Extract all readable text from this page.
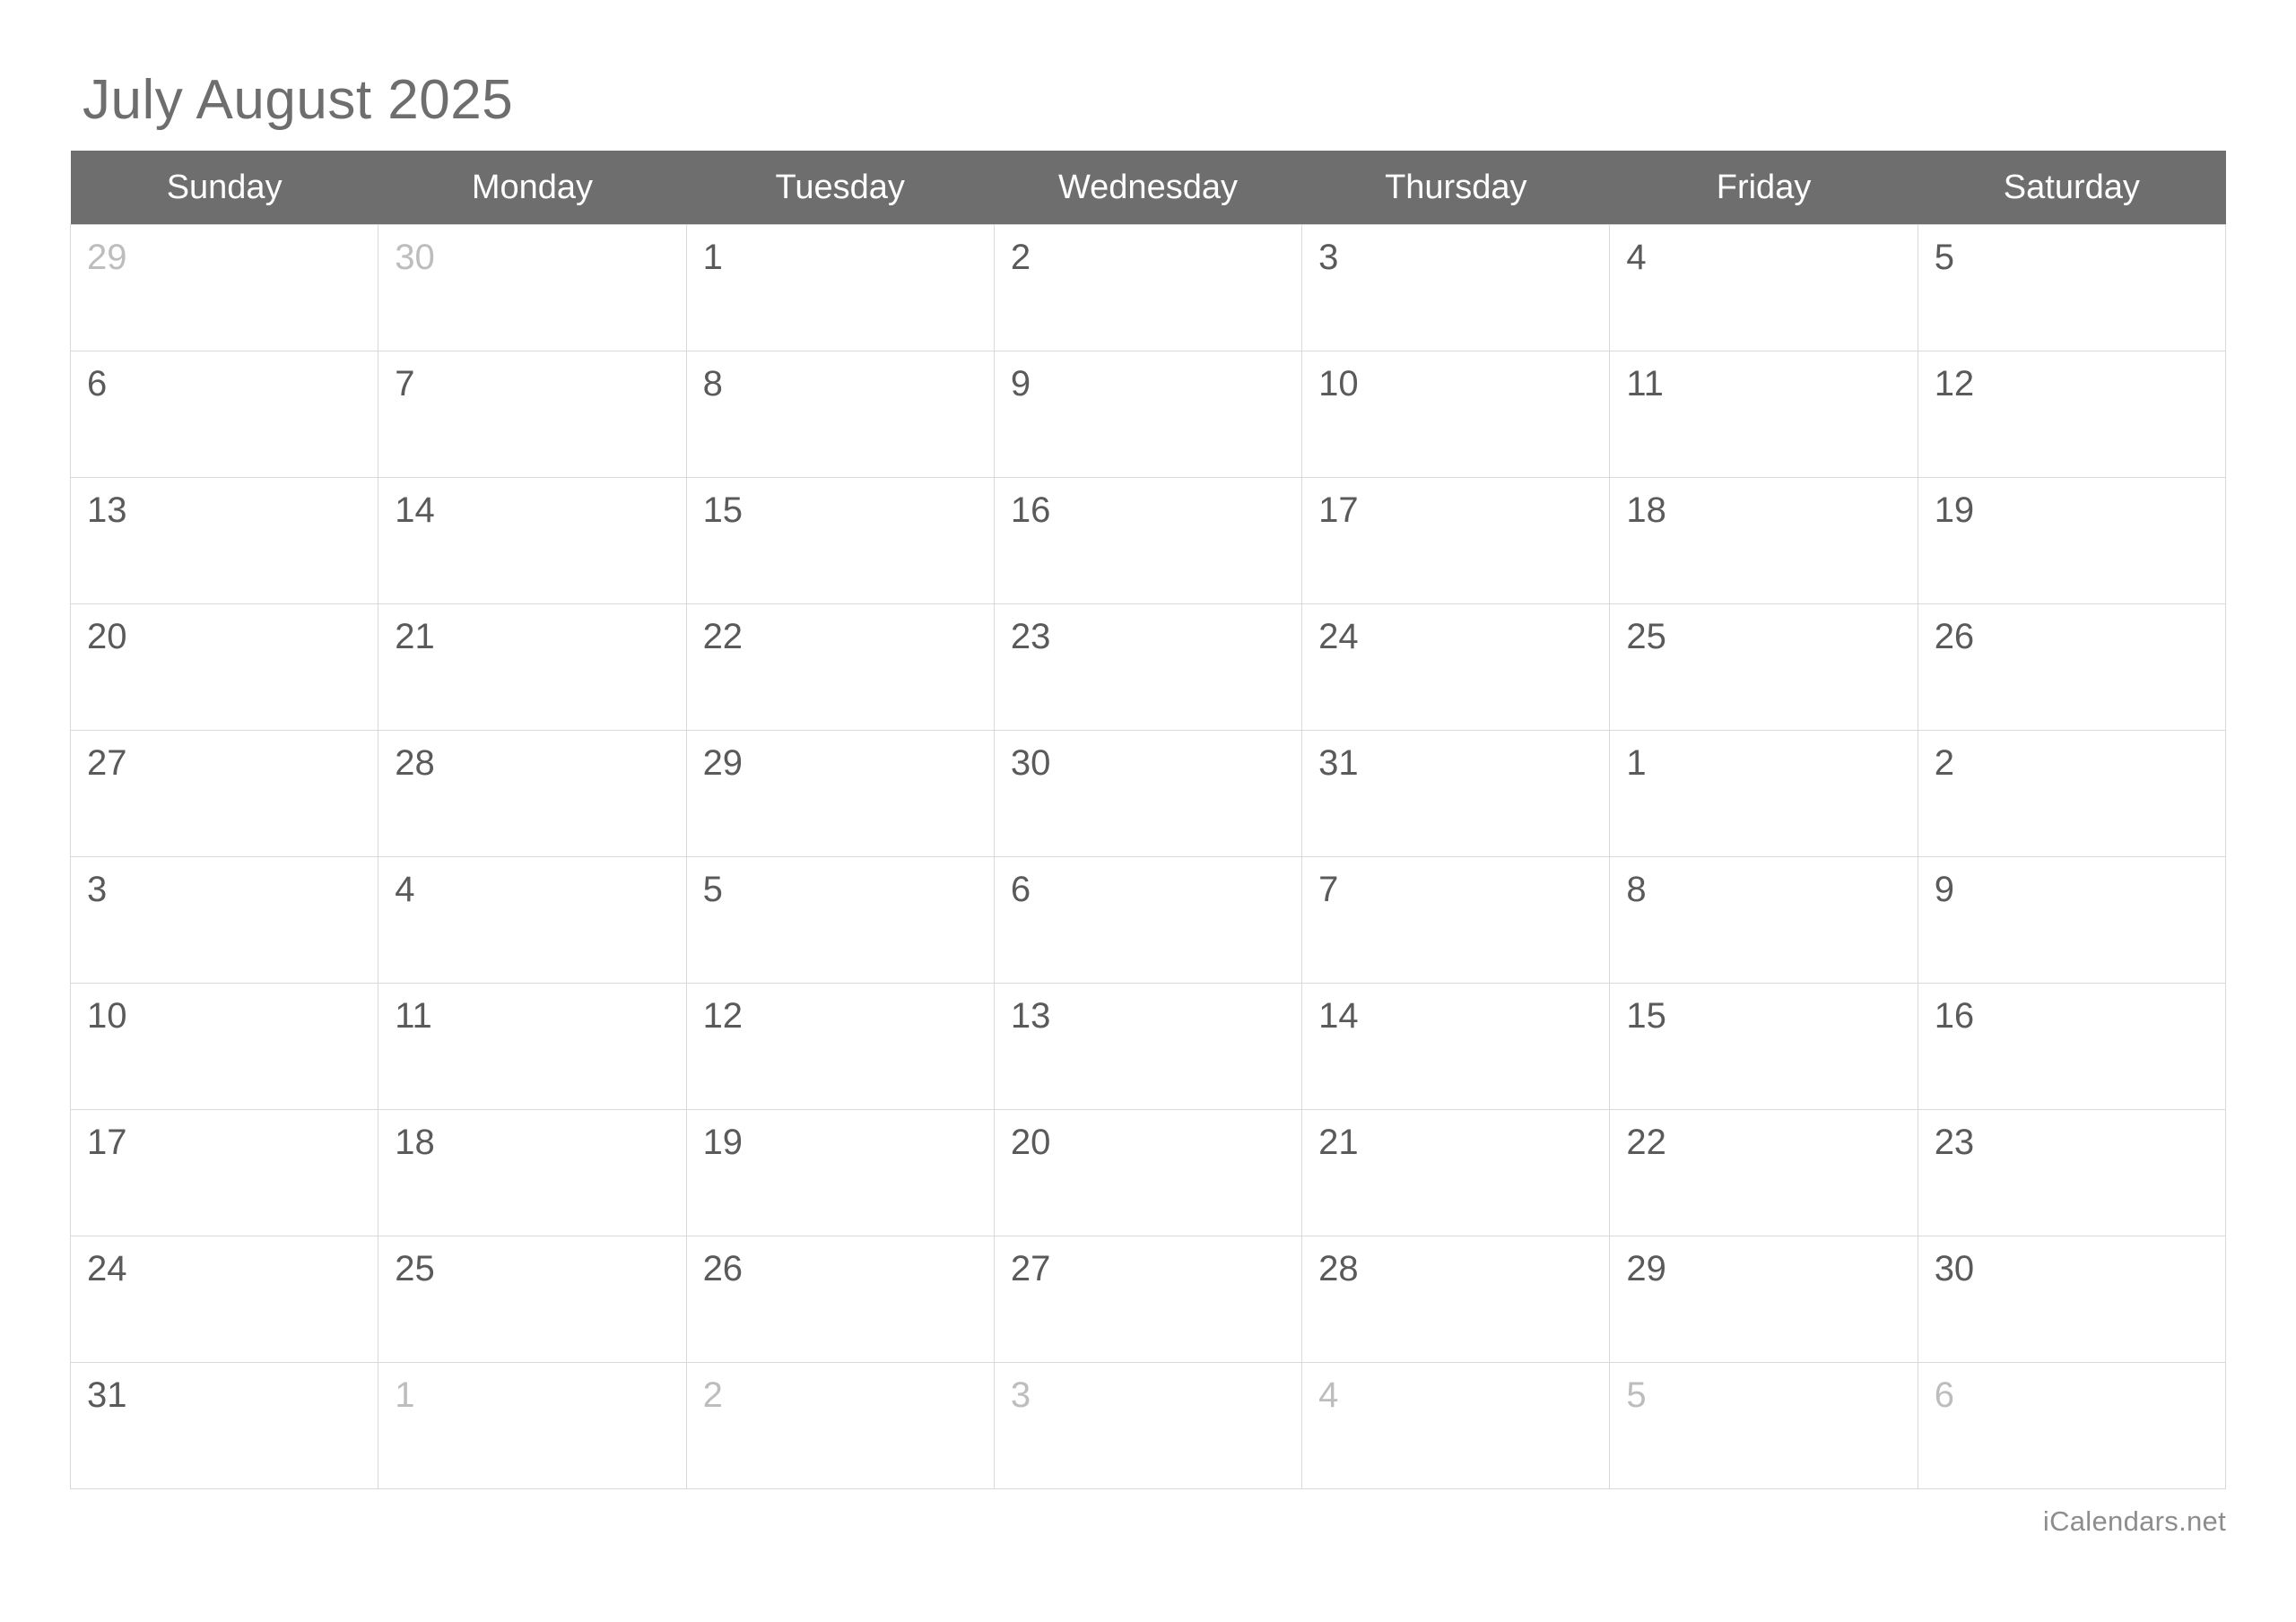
July August 2025
Sunday	Monday	Tuesday	Wednesday	Thursday	Friday	Saturday

29	30	1	2	3	4	5

6	7	8	9	10	11	12

13	14	15	16	17	18	19

20	21	22	23	24	25	26

27	28	29	30	31	1	2

3	4	5	6	7	8	9

10	11	12	13	14	15	16

17	18	19	20	21	22	23

24	25	26	27	28	29	30

31	1	2	3	4	5	6
iCalendars.net
